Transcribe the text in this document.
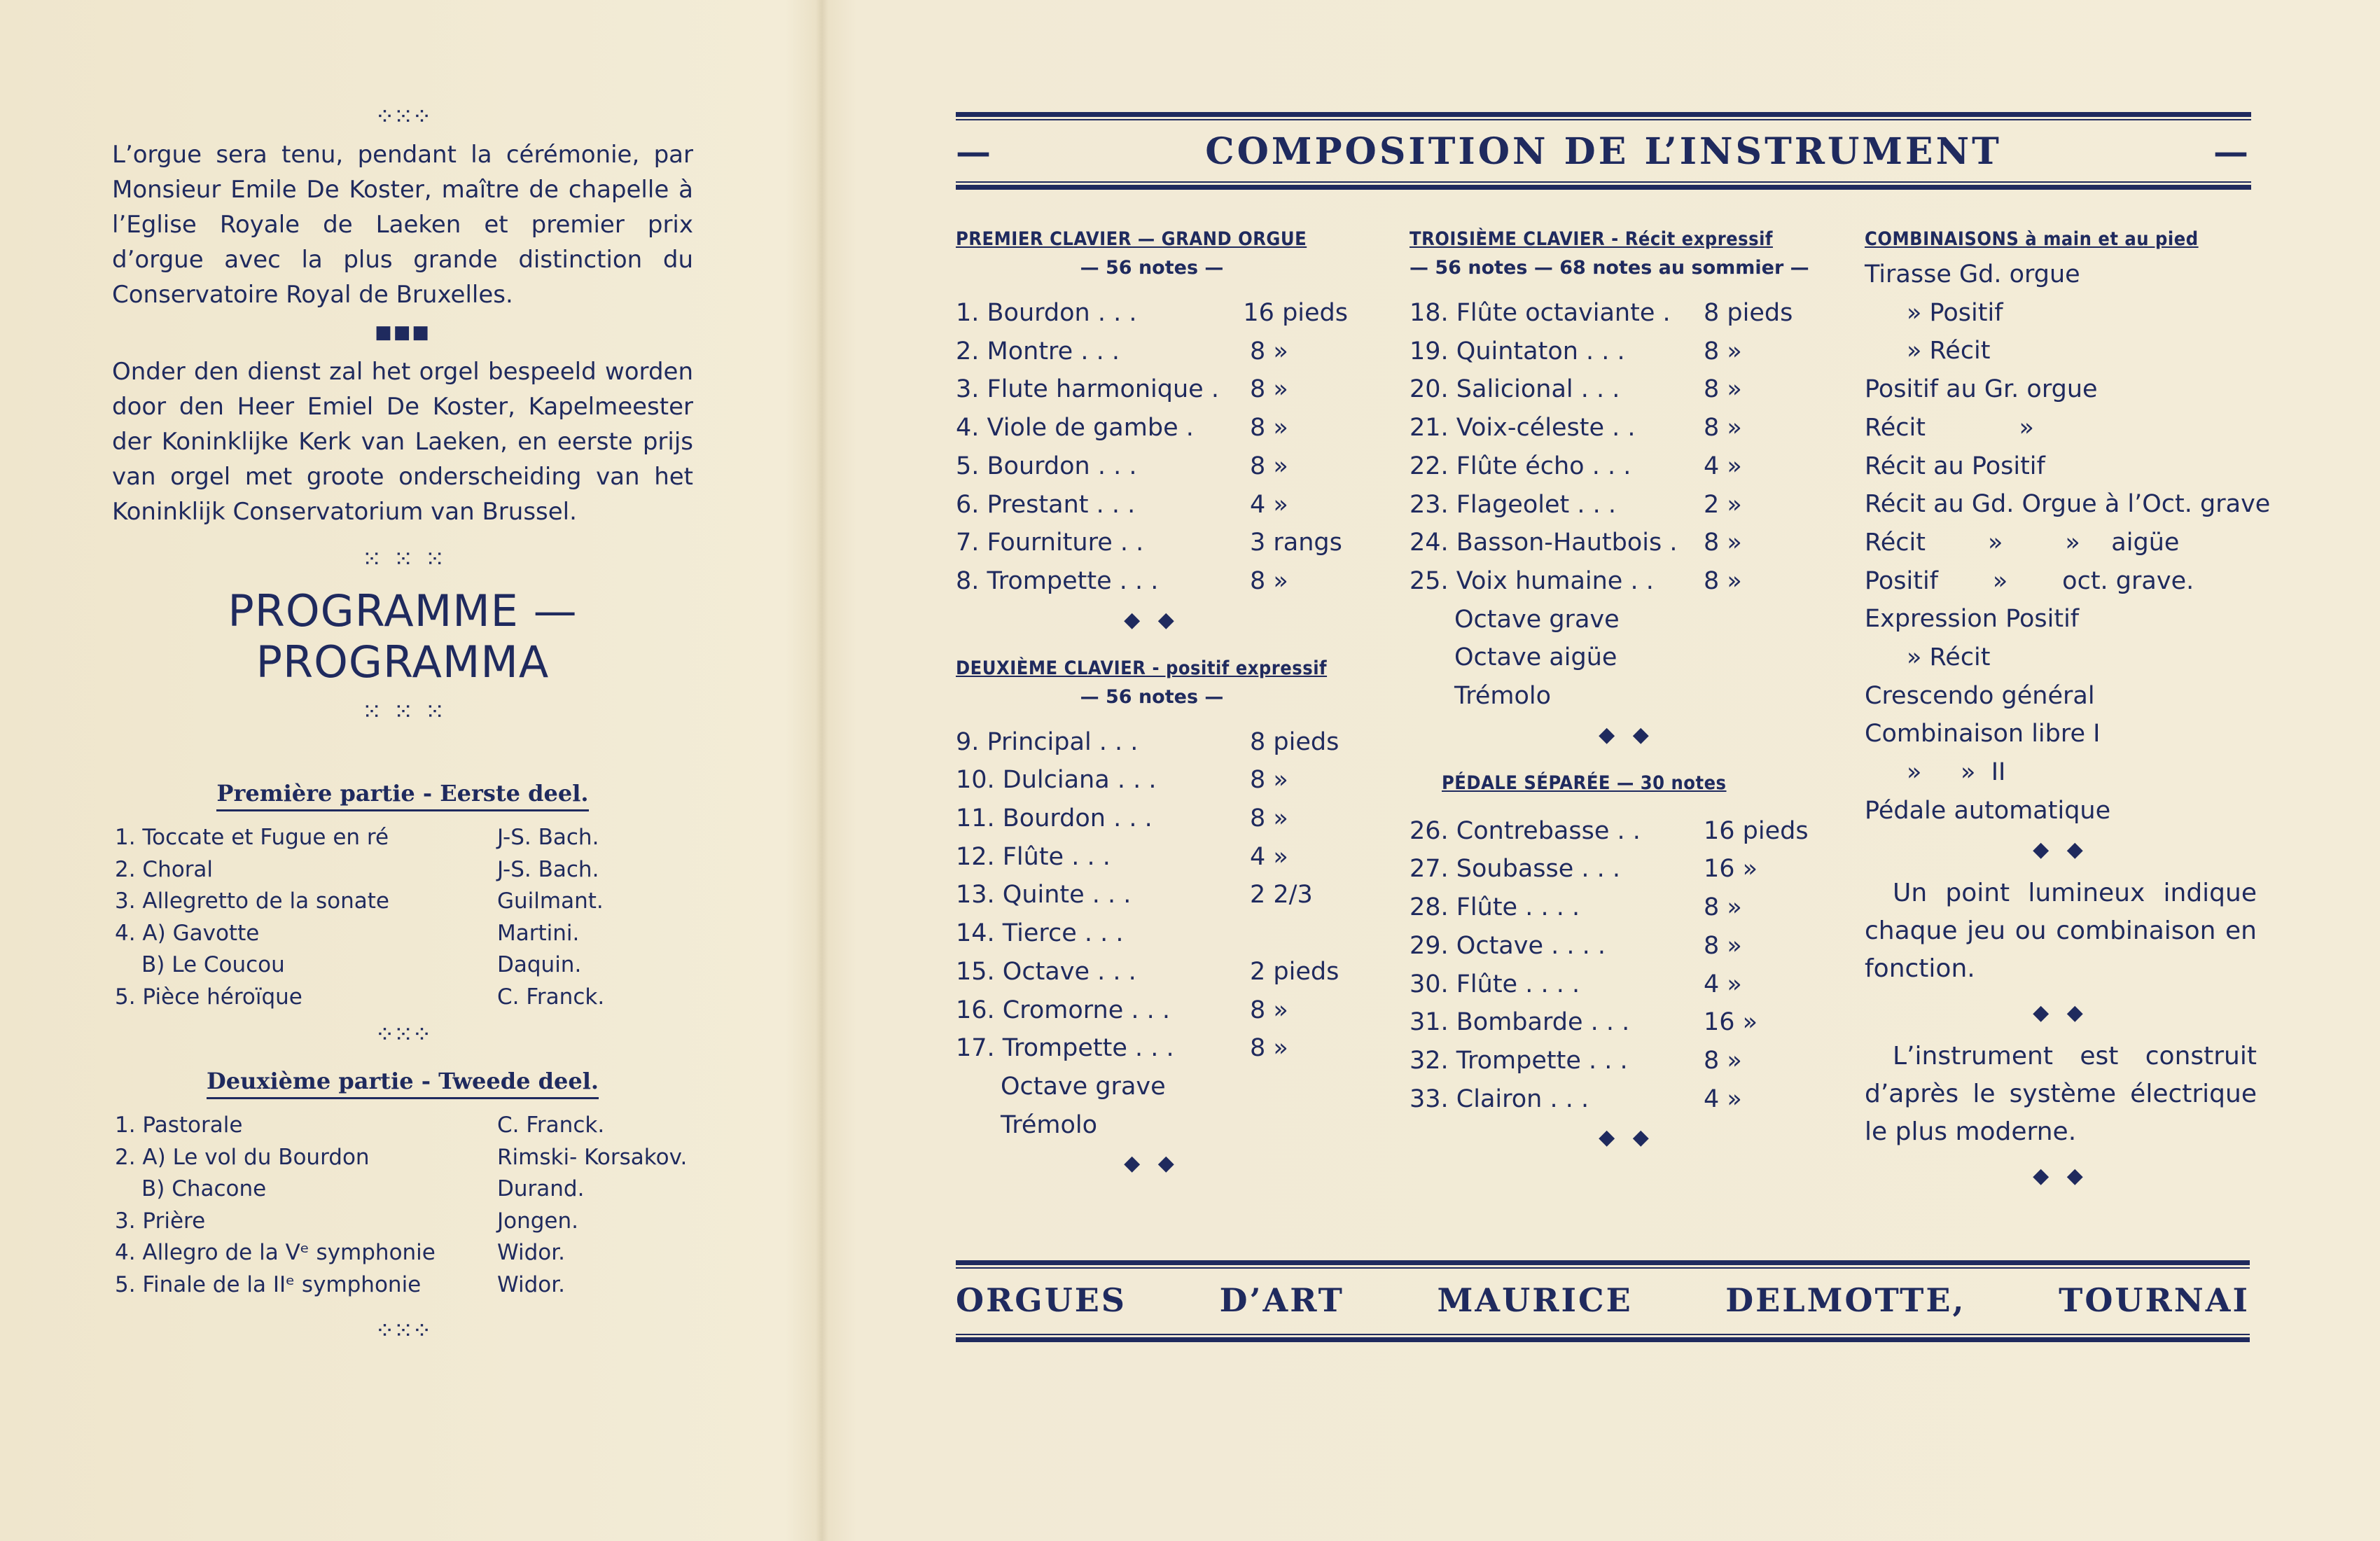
⁘⁙⁘

L’orgue sera tenu, pendant la cérémonie, par Monsieur Emile De Koster, maître de chapelle à l’Eglise Royale de Laeken et premier prix d’orgue avec la plus grande distinction du Conservatoire Royal de Bruxelles.

■■■

Onder den dienst zal het orgel bespeeld worden door den Heer Emiel De Koster, Kapelmeester der Koninklijke Kerk van Laeken, en eerste prijs van orgel met groote onderscheiding van het Koninklijk Conservatorium van Brussel.

⁙ ⁙ ⁙
PROGRAMME — PROGRAMMA
⁙ ⁙ ⁙
Première partie - Eerste deel.
1. Toccate et Fugue en ré	J-S. Bach.
2. Choral	J-S. Bach.
3. Allegretto de la sonate	Guilmant.
4. A) Gavotte	Martini.
B) Le Coucou	Daquin.
5. Pièce héroïque	C. Franck.
⁘⁙⁘
Deuxième partie - Tweede deel.
1. Pastorale	C. Franck.
2. A) Le vol du Bourdon	Rimski- Korsakov.
B) Chacone	Durand.
3. Prière	Jongen.
4. Allegro de la Vᵉ symphonie	Widor.
5. Finale de la IIᵉ symphonie	Widor.
⁘⁙⁘
—	COMPOSITION DE L’INSTRUMENT	—
PREMIER CLAVIER — GRAND ORGUE
— 56 notes —
1. Bourdon . . .	16 pieds
2. Montre . . .	8 »
3. Flute harmonique .	8 »
4. Viole de gambe .	8 »
5. Bourdon . . .	8 »
6. Prestant . . .	4 »
7. Fourniture . .	3 rangs
8. Trompette . . .	8 »
◆ ◆
DEUXIÈME CLAVIER - positif expressif
— 56 notes —
9. Principal . . .	8 pieds
10. Dulciana . . .	8 »
11. Bourdon . . .	8 »
12. Flûte . . .	4 »
13. Quinte . . .	2 2/3
14. Tierce . . .
15. Octave . . .	2 pieds
16. Cromorne . . .	8 »
17. Trompette . . .	8 »
Octave grave
Trémolo
◆ ◆
TROISIÈME CLAVIER - Récit expressif
— 56 notes — 68 notes au sommier —
18. Flûte octaviante .	8 pieds
19. Quintaton . . .	8 »
20. Salicional . . .	8 »
21. Voix-céleste . .	8 »
22. Flûte écho . . .	4 »
23. Flageolet . . .	2 »
24. Basson-Hautbois .	8 »
25. Voix humaine . .	8 »
Octave grave
Octave aigüe
Trémolo
◆ ◆
PÉDALE SÉPARÉE — 30 notes
26. Contrebasse . .	16 pieds
27. Soubasse . . .	16 »
28. Flûte . . . .	8 »
29. Octave . . . .	8 »
30. Flûte . . . .	4 »
31. Bombarde . . .	16 »
32. Trompette . . .	8 »
33. Clairon . . .	4 »
◆ ◆
COMBINAISONS à main et au pied
Tirasse Gd. orgue
» Positif
» Récit
Positif au Gr. orgue
Récit            »
Récit au Positif
Récit au Gd. Orgue à l’Oct. grave
Récit        »        »    aigüe
Positif       »       oct. grave.
Expression Positif
» Récit
Crescendo général
Combinaison libre I
»     »  II
Pédale automatique
◆ ◆

Un point lumineux indique chaque jeu ou combinaison en fonction.

◆ ◆

L’instrument est construit d’après le système électrique le plus moderne.

◆ ◆
ORGUES D’ART MAURICE DELMOTTE, TOURNAI
